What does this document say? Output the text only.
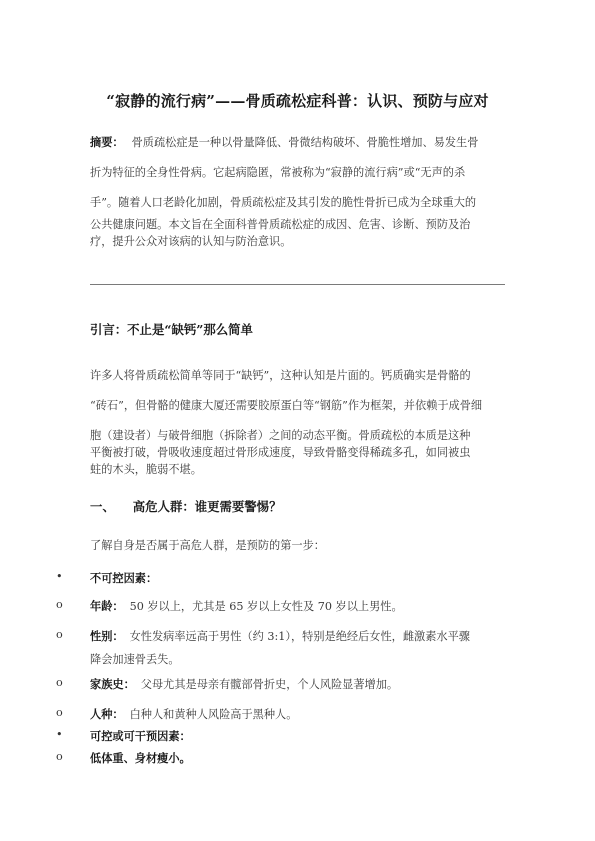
“寂静的流行病”——骨质疏松症科普：认识、预防与应对
摘要： 骨质疏松症是一种以骨量降低、骨微结构破坏、骨脆性增加、易发生骨
折为特征的全身性骨病。它起病隐匿，常被称为“寂静的流行病”或“无声的杀
手”。随着人口老龄化加剧，骨质疏松症及其引发的脆性骨折已成为全球重大的
公共健康问题。本文旨在全面科普骨质疏松症的成因、危害、诊断、预防及治
疗，提升公众对该病的认知与防治意识。
引言：不止是“缺钙”那么简单
许多人将骨质疏松简单等同于“缺钙”，这种认知是片面的。钙质确实是骨骼的
“砖石”，但骨骼的健康大厦还需要胶原蛋白等“钢筋”作为框架，并依赖于成骨细
胞（建设者）与破骨细胞（拆除者）之间的动态平衡。骨质疏松的本质是这种
平衡被打破，骨吸收速度超过骨形成速度，导致骨骼变得稀疏多孔，如同被虫
蛀的木头，脆弱不堪。
一、 高危人群：谁更需要警惕？
了解自身是否属于高危人群，是预防的第一步：
• 不可控因素：
o 年龄： 50 岁以上，尤其是 65 岁以上女性及 70 岁以上男性。
o 性别： 女性发病率远高于男性（约 3:1），特别是绝经后女性，雌激素水平骤
降会加速骨丢失。
o 家族史： 父母尤其是母亲有髋部骨折史，个人风险显著增加。
o 人种： 白种人和黄种人风险高于黑种人。
• 可控或可干预因素：
o 低体重、身材瘦小。
